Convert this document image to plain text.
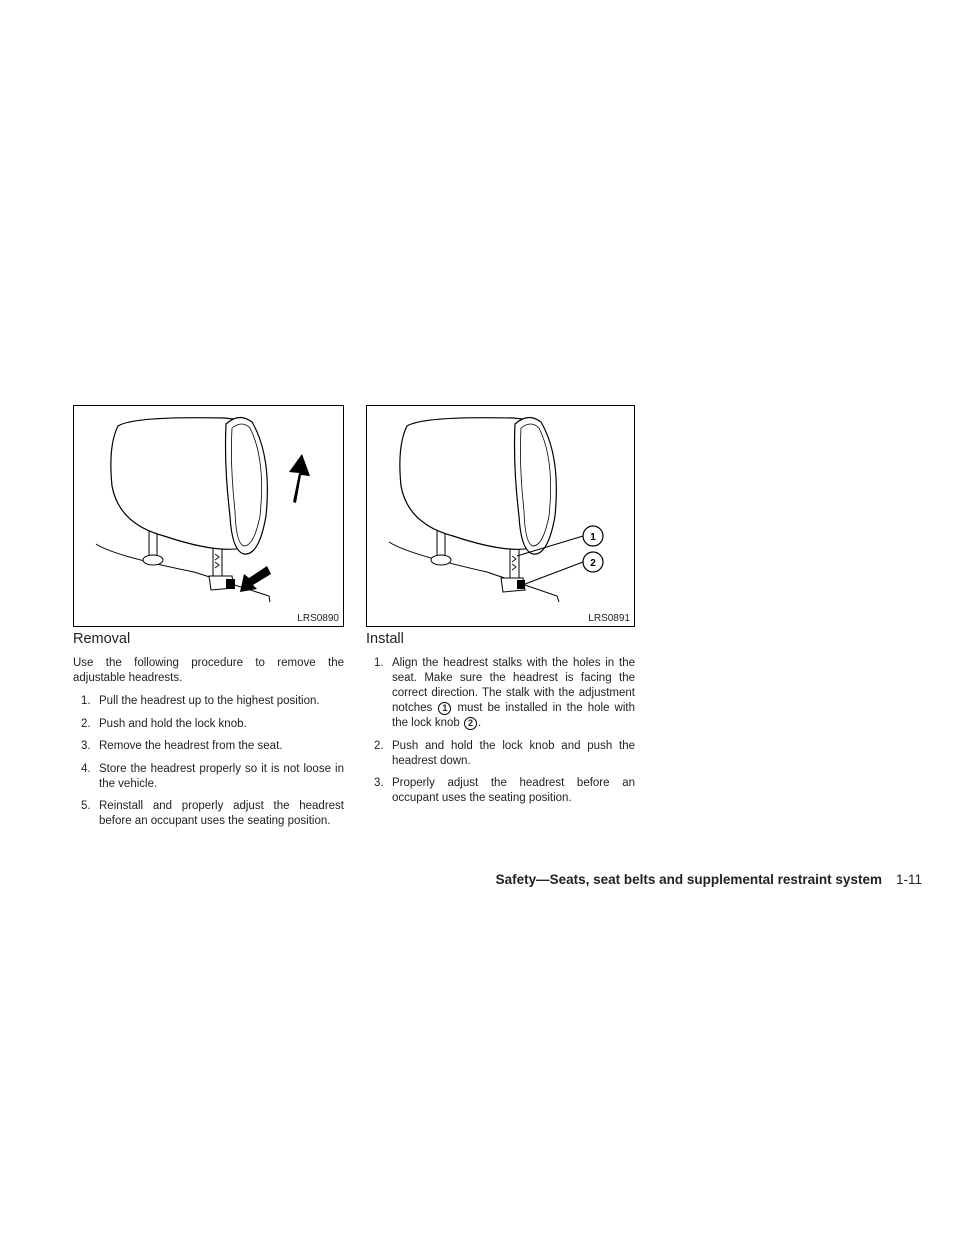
LRS0890
1
2
LRS0891
Removal

Use the following procedure to remove the adjustable headrests.

1. Pull the headrest up to the highest position.
2. Push and hold the lock knob.
3. Remove the headrest from the seat.
4. Store the headrest properly so it is not loose in the vehicle.
5. Reinstall and properly adjust the headrest before an occupant uses the seating position.
Install
1. Align the headrest stalks with the holes in the seat. Make sure the headrest is facing the correct direction. The stalk with the adjustment notches 1 must be installed in the hole with the lock knob 2 .
2. Push and hold the lock knob and push the headrest down.
3. Properly adjust the headrest before an occupant uses the seating position.
Safety—Seats, seat belts and supplemental restraint system 1-11
